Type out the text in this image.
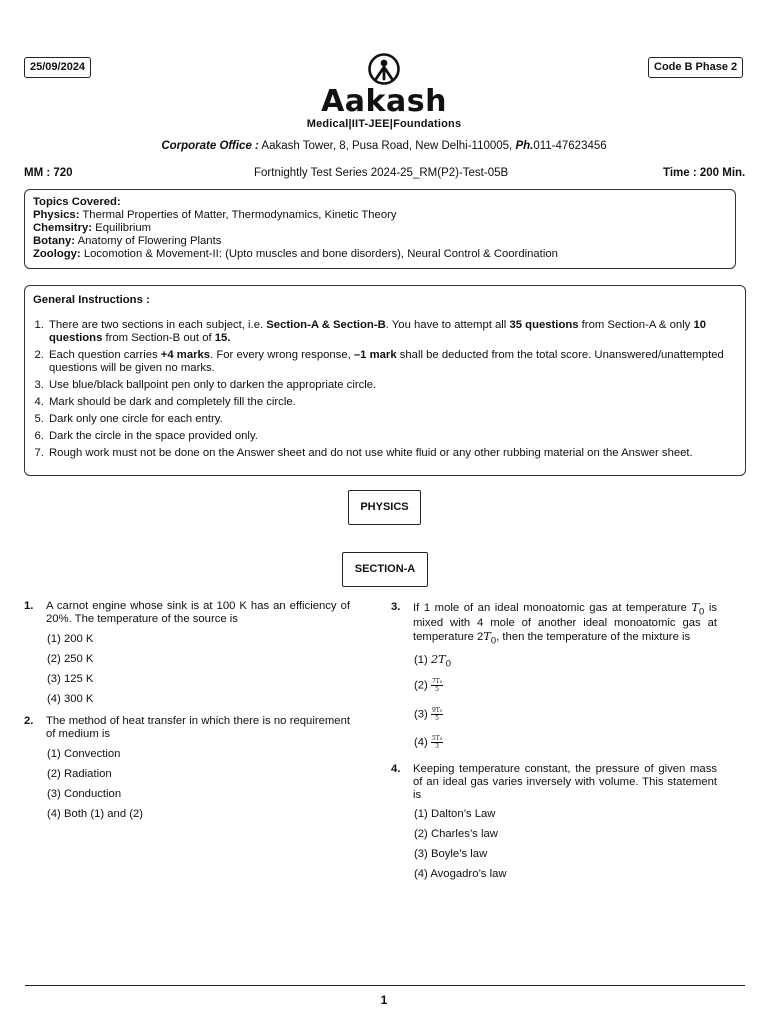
25/09/2024	Code B Phase 2
Aakash
Medical|IIT-JEE|Foundations
Corporate Office : Aakash Tower, 8, Pusa Road, New Delhi-110005, Ph.011-47623456
MM : 720	Fortnightly Test Series 2024-25_RM(P2)-Test-05B	Time : 200 Min.
Topics Covered:
Physics: Thermal Properties of Matter, Thermodynamics, Kinetic Theory
Chemsitry: Equilibrium
Botany: Anatomy of Flowering Plants
Zoology: Locomotion & Movement-II: (Upto muscles and bone disorders), Neural Control & Coordination
General Instructions :
1. There are two sections in each subject, i.e. Section-A & Section-B. You have to attempt all 35 questions from Section-A & only 10 questions from Section-B out of 15.
2. Each question carries +4 marks. For every wrong response, –1 mark shall be deducted from the total score. Unanswered/unattempted questions will be given no marks.
3. Use blue/black ballpoint pen only to darken the appropriate circle.
4. Mark should be dark and completely fill the circle.
5. Dark only one circle for each entry.
6. Dark the circle in the space provided only.
7. Rough work must not be done on the Answer sheet and do not use white fluid or any other rubbing material on the Answer sheet.
PHYSICS
SECTION-A
1. A carnot engine whose sink is at 100 K has an efficiency of 20%. The temperature of the source is
(1) 200 K
(2) 250 K
(3) 125 K
(4) 300 K
2. The method of heat transfer in which there is no requirement of medium is
(1) Convection
(2) Radiation
(3) Conduction
(4) Both (1) and (2)
3. If 1 mole of an ideal monoatomic gas at temperature $T_0$ is mixed with 4 mole of another ideal monoatomic gas at temperature $2T_0$, then the temperature of the mixture is
(1) $2T_0$
$(2) \frac{\text{7T₀}}{5}$
$(3) \frac{\text{9T₀}}{5}$
$(4) \frac{\text{5T₀}}{3}$
4. Keeping temperature constant, the pressure of given mass of an ideal gas varies inversely with volume. This statement is
(1) Dalton’s Law
(2) Charles’s law
(3) Boyle’s law
(4) Avogadro’s law
1
